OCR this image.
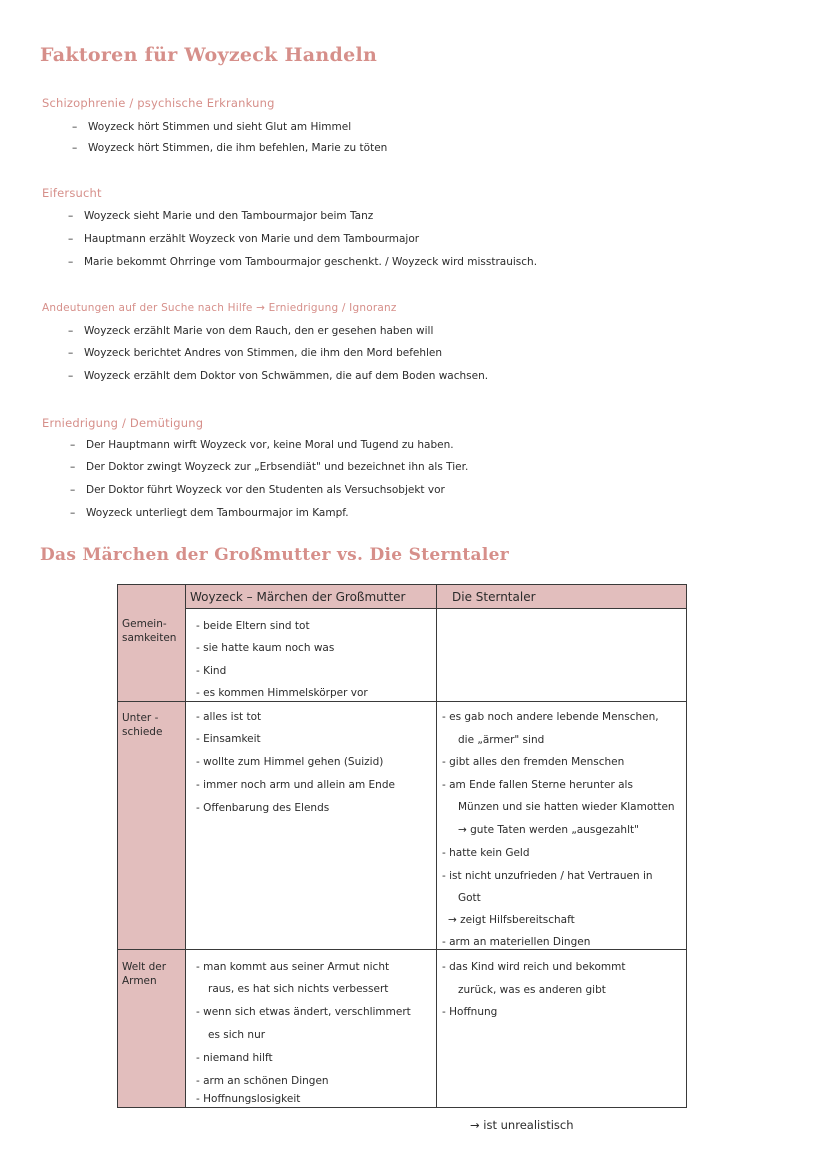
Faktoren für Woyzeck Handeln
Schizophrenie / psychische Erkrankung
– Woyzeck hört Stimmen und sieht Glut am Himmel
– Woyzeck hört Stimmen, die ihm befehlen, Marie zu töten
Eifersucht
– Woyzeck sieht Marie und den Tambourmajor beim Tanz
– Hauptmann erzählt Woyzeck von Marie und dem Tambourmajor
– Marie bekommt Ohrringe vom Tambourmajor geschenkt. / Woyzeck wird misstrauisch.
Andeutungen auf der Suche nach Hilfe → Erniedrigung / Ignoranz
– Woyzeck erzählt Marie von dem Rauch, den er gesehen haben will
– Woyzeck berichtet Andres von Stimmen, die ihm den Mord befehlen
– Woyzeck erzählt dem Doktor von Schwämmen, die auf dem Boden wachsen.
Erniedrigung / Demütigung
– Der Hauptmann wirft Woyzeck vor, keine Moral und Tugend zu haben.
– Der Doktor zwingt Woyzeck zur „Erbsendiät" und bezeichnet ihn als Tier.
– Der Doktor führt Woyzeck vor den Studenten als Versuchsobjekt vor
– Woyzeck unterliegt dem Tambourmajor im Kampf.
Das Märchen der Großmutter vs. Die Sterntaler
Woyzeck – Märchen der Großmutter	Die Sterntaler
Gemein-
samkeiten
- beide Eltern sind tot
- sie hatte kaum noch was
- Kind
- es kommen Himmelskörper vor
Unter -
schiede
- alles ist tot
- Einsamkeit
- wollte zum Himmel gehen (Suizid)
- immer noch arm und allein am Ende
- Offenbarung des Elends
- es gab noch andere lebende Menschen,
die „ärmer" sind
- gibt alles den fremden Menschen
- am Ende fallen Sterne herunter als
Münzen und sie hatten wieder Klamotten
→ gute Taten werden „ausgezahlt"
- hatte kein Geld
- ist nicht unzufrieden / hat Vertrauen in
Gott
→ zeigt Hilfsbereitschaft
- arm an materiellen Dingen
Welt der
Armen
- man kommt aus seiner Armut nicht
raus, es hat sich nichts verbessert
- wenn sich etwas ändert, verschlimmert
es sich nur
- niemand hilft
- arm an schönen Dingen
- Hoffnungslosigkeit
- das Kind wird reich und bekommt
zurück, was es anderen gibt
- Hoffnung
→ ist unrealistisch
